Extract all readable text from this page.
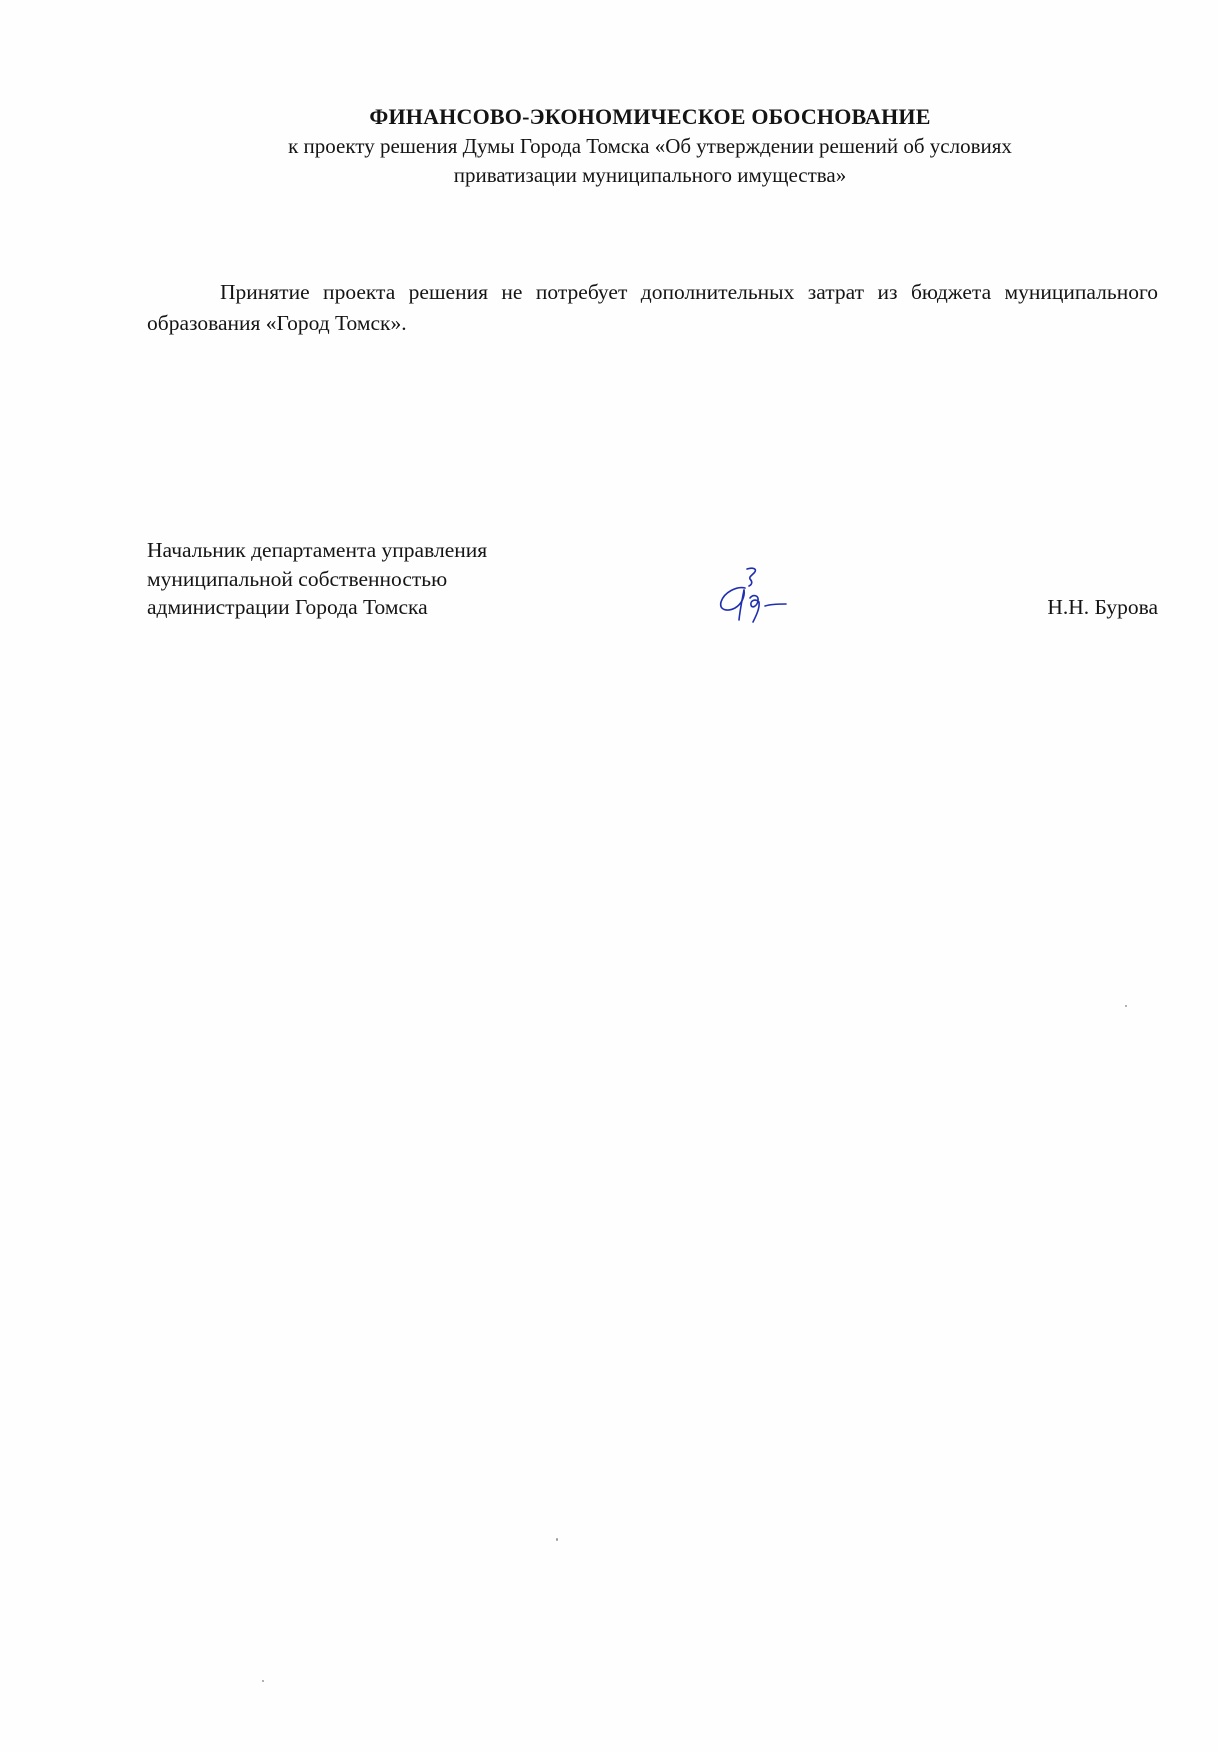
ФИНАНСОВО-ЭКОНОМИЧЕСКОЕ ОБОСНОВАНИЕ
к проекту решения Думы Города Томска «Об утверждении решений об условиях
приватизации муниципального имущества»

Принятие проекта решения не потребует дополнительных затрат из бюджета муниципального образования «Город Томск».

Начальник департамента управления
муниципальной собственностью
администрации Города Томска	Н.Н. Бурова
